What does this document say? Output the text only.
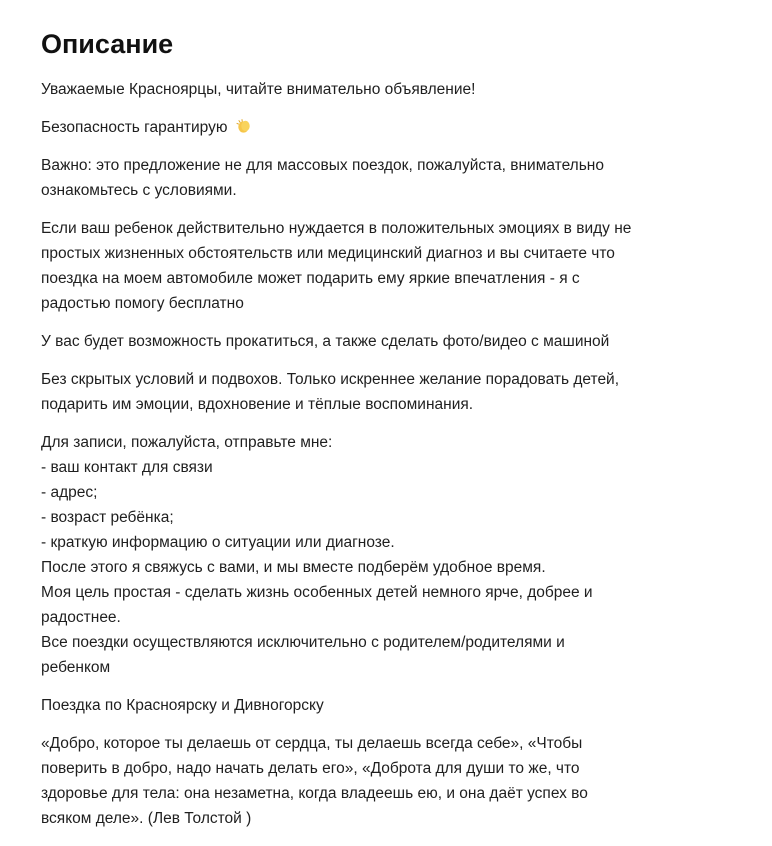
Описание

Уважаемые Красноярцы, читайте внимательно объявление!

Безопасность гарантирую

Важно: это предложение не для массовых поездок, пожалуйста, внимательно
ознакомьтесь с условиями.

Если ваш ребенок действительно нуждается в положительных эмоциях в виду не
простых жизненных обстоятельств или медицинский диагноз и вы считаете что
поездка на моем автомобиле может подарить ему яркие впечатления - я с
радостью помогу бесплатно

У вас будет возможность прокатиться, а также сделать фото/видео с машиной

Без скрытых условий и подвохов. Только искреннее желание порадовать детей,
подарить им эмоции, вдохновение и тёплые воспоминания.

Для записи, пожалуйста, отправьте мне:
- ваш контакт для связи
- адрес;
- возраст ребёнка;
- краткую информацию о ситуации или диагнозе.
После этого я свяжусь с вами, и мы вместе подберём удобное время.
Моя цель простая - сделать жизнь особенных детей немного ярче, добрее и
радостнее.
Все поездки осуществляются исключительно с родителем/родителями и
ребенком

Поездка по Красноярску и Дивногорску

«Добро, которое ты делаешь от сердца, ты делаешь всегда себе», «Чтобы
поверить в добро, надо начать делать его», «Доброта для души то же, что
здоровье для тела: она незаметна, когда владеешь ею, и она даёт успех во
всяком деле». (Лев Толстой )
